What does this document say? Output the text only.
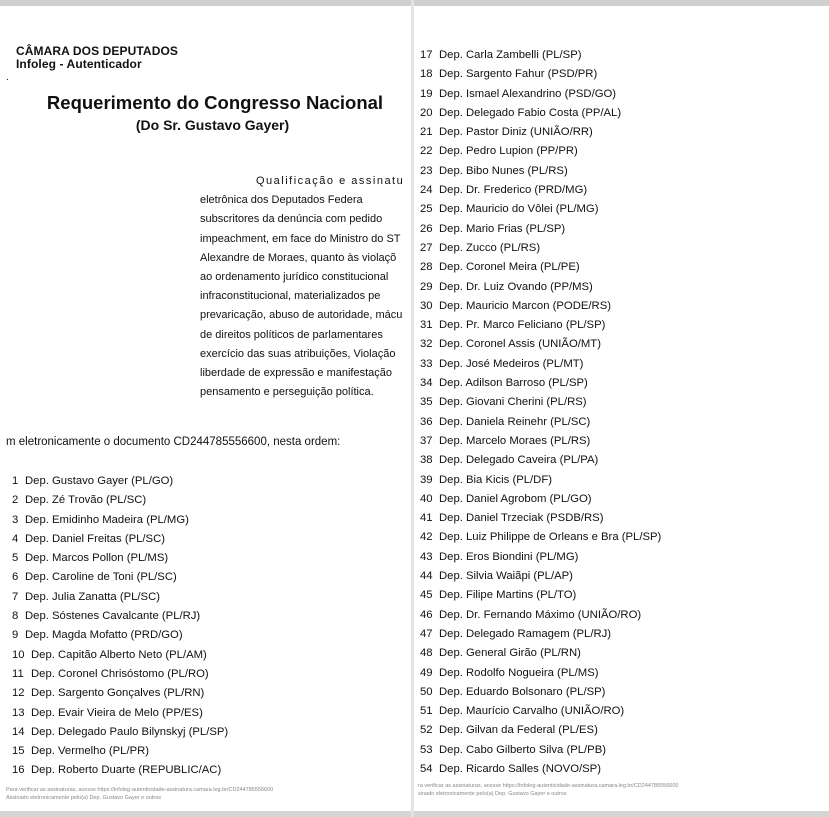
CÂMARA DOS DEPUTADOS
Infoleg - Autenticador
.
Requerimento do Congresso Nacional
(Do Sr. Gustavo Gayer)
Qualificação e assinatu
eletrônica dos Deputados Federa
subscritores da denúncia com pedido
impeachment, em face do Ministro do ST
Alexandre de Moraes, quanto às violaçõ
ao ordenamento jurídico constitucional
infraconstitucional, materializados pe
prevaricação, abuso de autoridade, mácu
de direitos políticos de parlamentares
exercício das suas atribuições, Violação
liberdade de expressão e manifestação
pensamento e perseguição política.
m eletronicamente o documento CD244785556600, nesta ordem:
1 Dep. Gustavo Gayer (PL/GO)
2 Dep. Zé Trovão (PL/SC)
3 Dep. Emidinho Madeira (PL/MG)
4 Dep. Daniel Freitas (PL/SC)
5 Dep. Marcos Pollon (PL/MS)
6 Dep. Caroline de Toni (PL/SC)
7 Dep. Julia Zanatta (PL/SC)
8 Dep. Sóstenes Cavalcante (PL/RJ)
9 Dep. Magda Mofatto (PRD/GO)
10 Dep. Capitão Alberto Neto (PL/AM)
11 Dep. Coronel Chrisóstomo (PL/RO)
12 Dep. Sargento Gonçalves (PL/RN)
13 Dep. Evair Vieira de Melo (PP/ES)
14 Dep. Delegado Paulo Bilynskyj (PL/SP)
15 Dep. Vermelho (PL/PR)
16 Dep. Roberto Duarte (REPUBLIC/AC)
Para verificar as assinaturas, acesse https://infoleg-autenticidade-assinatura.camara.leg.br/CD244785556600
Assinado eletronicamente pelo(a) Dep. Gustavo Gayer e outros
17 Dep. Carla Zambelli (PL/SP)
18 Dep. Sargento Fahur (PSD/PR)
19 Dep. Ismael Alexandrino (PSD/GO)
20 Dep. Delegado Fabio Costa (PP/AL)
21 Dep. Pastor Diniz (UNIÃO/RR)
22 Dep. Pedro Lupion (PP/PR)
23 Dep. Bibo Nunes (PL/RS)
24 Dep. Dr. Frederico (PRD/MG)
25 Dep. Mauricio do Vôlei (PL/MG)
26 Dep. Mario Frias (PL/SP)
27 Dep. Zucco (PL/RS)
28 Dep. Coronel Meira (PL/PE)
29 Dep. Dr. Luiz Ovando (PP/MS)
30 Dep. Mauricio Marcon (PODE/RS)
31 Dep. Pr. Marco Feliciano (PL/SP)
32 Dep. Coronel Assis (UNIÃO/MT)
33 Dep. José Medeiros (PL/MT)
34 Dep. Adilson Barroso (PL/SP)
35 Dep. Giovani Cherini (PL/RS)
36 Dep. Daniela Reinehr (PL/SC)
37 Dep. Marcelo Moraes (PL/RS)
38 Dep. Delegado Caveira (PL/PA)
39 Dep. Bia Kicis (PL/DF)
40 Dep. Daniel Agrobom (PL/GO)
41 Dep. Daniel Trzeciak (PSDB/RS)
42 Dep. Luiz Philippe de Orleans e Bra (PL/SP)
43 Dep. Eros Biondini (PL/MG)
44 Dep. Silvia Waiãpi (PL/AP)
45 Dep. Filipe Martins (PL/TO)
46 Dep. Dr. Fernando Máximo (UNIÃO/RO)
47 Dep. Delegado Ramagem (PL/RJ)
48 Dep. General Girão (PL/RN)
49 Dep. Rodolfo Nogueira (PL/MS)
50 Dep. Eduardo Bolsonaro (PL/SP)
51 Dep. Maurício Carvalho (UNIÃO/RO)
52 Dep. Gilvan da Federal (PL/ES)
53 Dep. Cabo Gilberto Silva (PL/PB)
54 Dep. Ricardo Salles (NOVO/SP)
ra verificar as assinaturas, acesse https://infoleg-autenticidade-assinatura.camara.leg.br/CD244785556600
sinado eletronicamente pelo(a) Dep. Gustavo Gayer e outros
